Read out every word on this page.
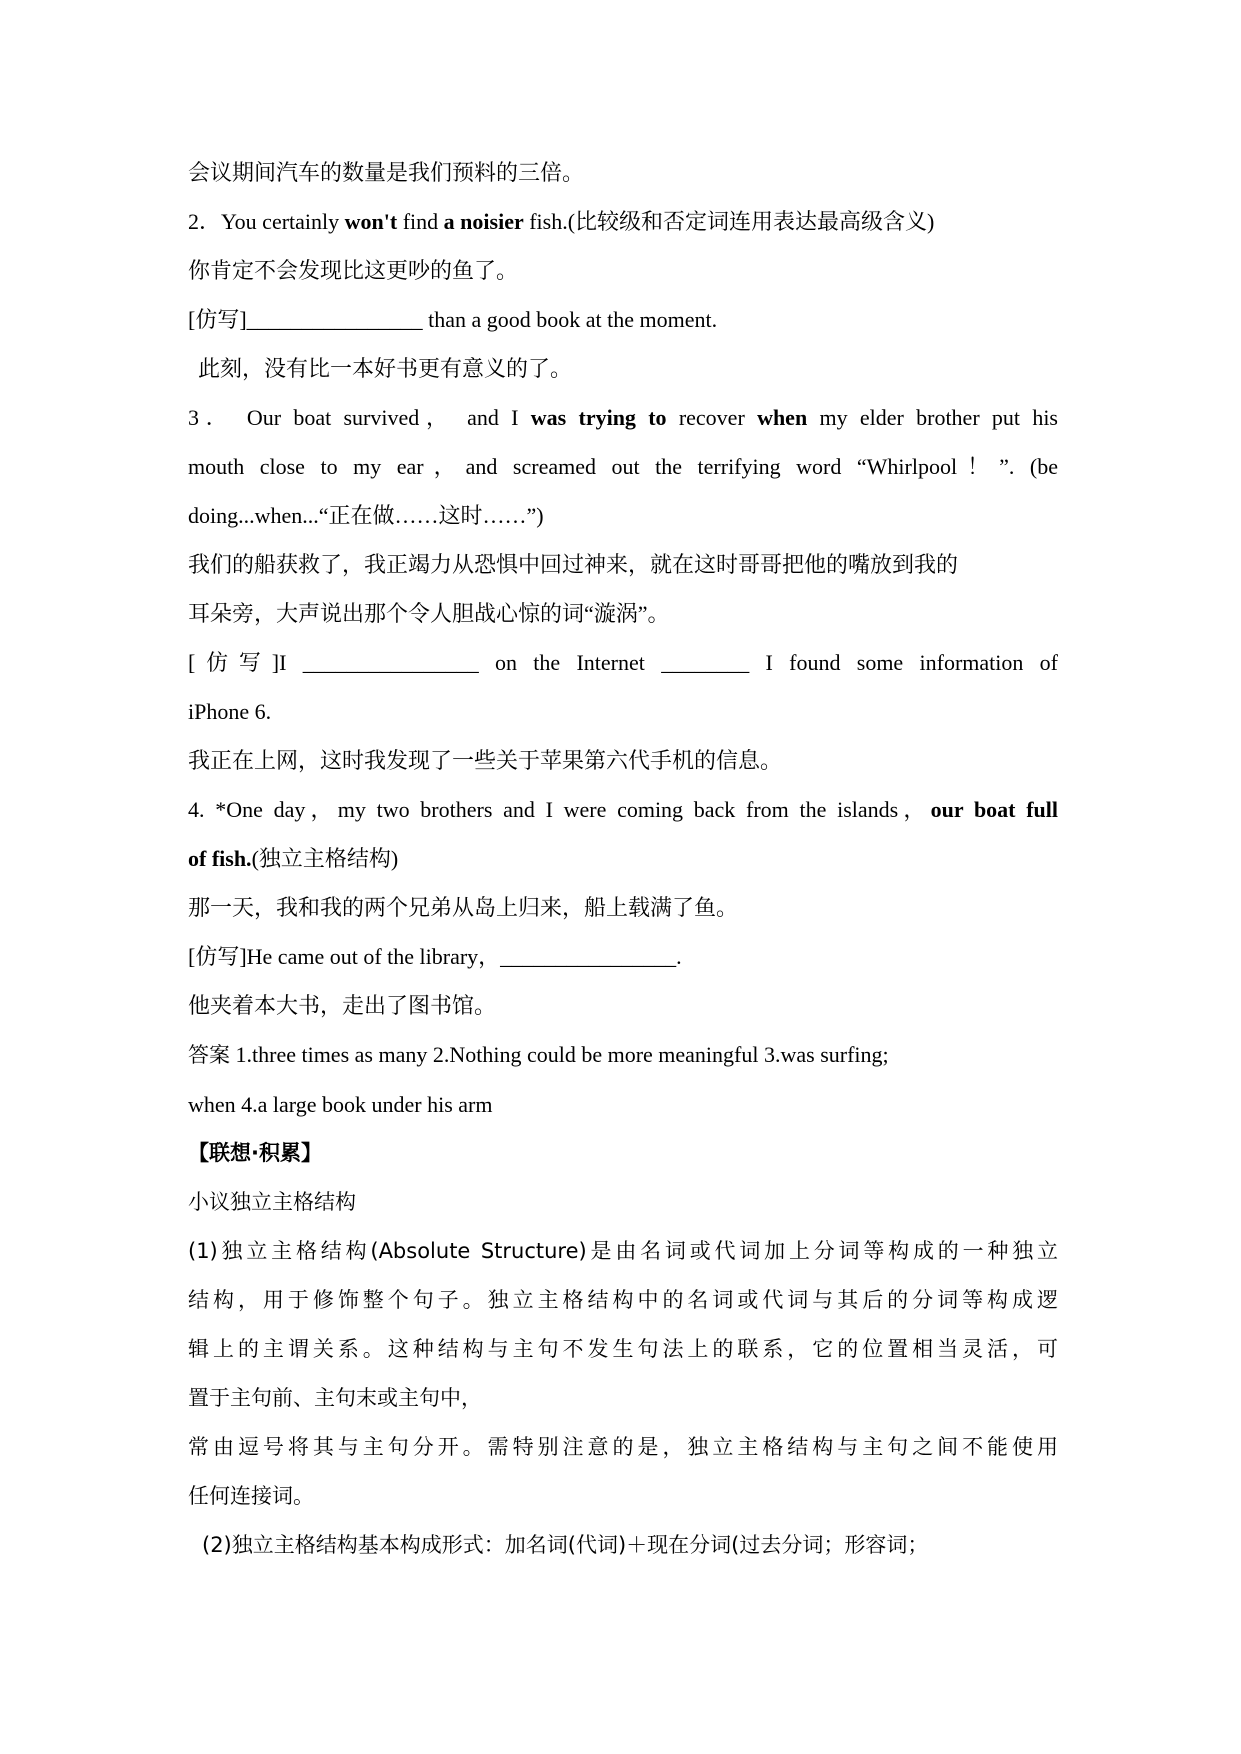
会议期间汽车的数量是我们预料的三倍。
2．You certainly won't find a noisier fish.(比较级和否定词连用表达最高级含义)
你肯定不会发现比这更吵的鱼了。
[仿写]________________ than a good book at the moment.
此刻，没有比一本好书更有意义的了。
3． Our boat survived， and I was trying to recover when my elder brother put his
mouth close to my ear，and screamed out the terrifying word “Whirlpool！”. (be
doing...when...“正在做……这时……”)
我们的船获救了，我正竭力从恐惧中回过神来，就在这时哥哥把他的嘴放到我的
耳朵旁，大声说出那个令人胆战心惊的词“漩涡”。
[仿写]I ________________ on the Internet ________ I found some information of
iPhone 6.
我正在上网，这时我发现了一些关于苹果第六代手机的信息。
4. *One day，my two brothers and I were coming back from the islands，our boat full
of fish.(独立主格结构)
那一天，我和我的两个兄弟从岛上归来，船上载满了鱼。
[仿写]He came out of the library，________________.
他夹着本大书，走出了图书馆。
答案 1.three times as many 2.Nothing could be more meaningful 3.was surfing;
when 4.a large book under his arm
【联想·积累】
小议独立主格结构
(1)独立主格结构(Absolute Structure)是由名词或代词加上分词等构成的一种独立
结构，用于修饰整个句子。独立主格结构中的名词或代词与其后的分词等构成逻
辑上的主谓关系。这种结构与主句不发生句法上的联系，它的位置相当灵活，可
置于主句前、主句末或主句中，
常由逗号将其与主句分开。需特别注意的是，独立主格结构与主句之间不能使用
任何连接词。
(2)独立主格结构基本构成形式：加名词(代词)＋现在分词(过去分词；形容词；
